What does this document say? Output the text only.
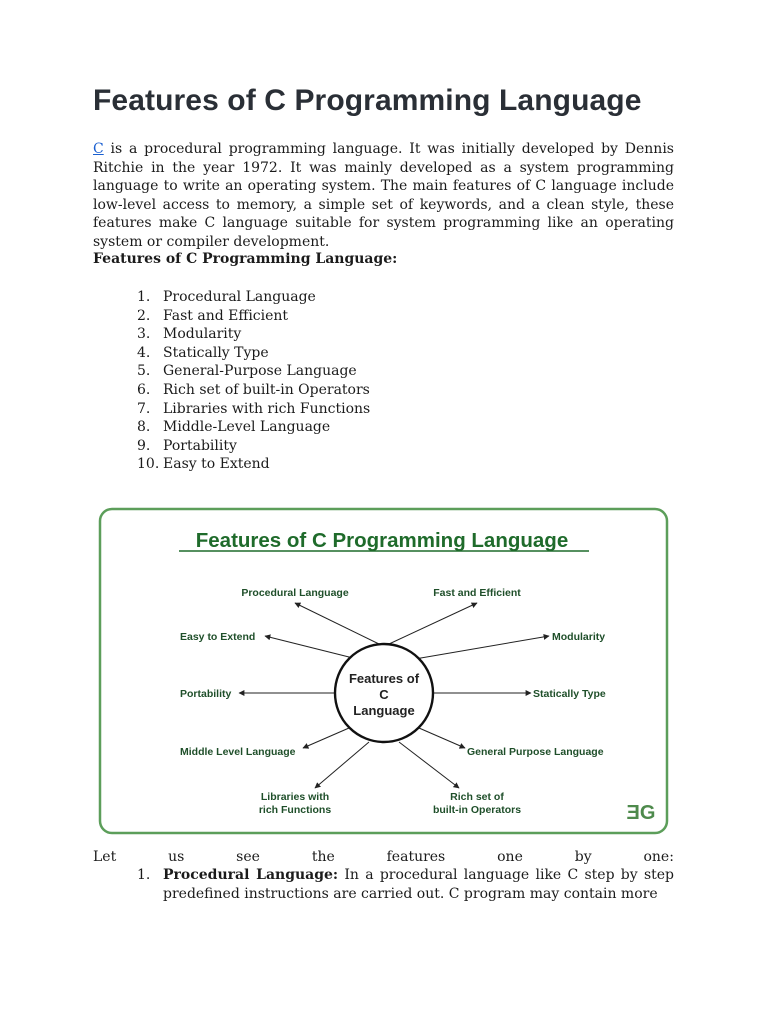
Features of C Programming Language

C is a procedural programming language. It was initially developed by Dennis Ritchie in the year 1972. It was mainly developed as a system programming language to write an operating system. The main features of C language include low-level access to memory, a simple set of keywords, and a clean style, these features make C language suitable for system programming like an operating system or compiler development.

Features of C Programming Language:

1. Procedural Language
2. Fast and Efficient
3. Modularity
4. Statically Type
5. General-Purpose Language
6. Rich set of built-in Operators
7. Libraries with rich Functions
8. Middle-Level Language
9. Portability
10. Easy to Extend
Features of C Programming Language
Features of
C
Language
Procedural Language	Fast and Efficient
Easy to Extend	Modularity
Portability	Statically Type
Middle Level Language	General Purpose Language
Libraries with
rich Functions
Rich set of
built-in Operators	ƎG
Let	us	see	the	features	one	by	one:
1. Procedural Language: In a procedural language like C step by step predefined instructions are carried out. C program may contain more
